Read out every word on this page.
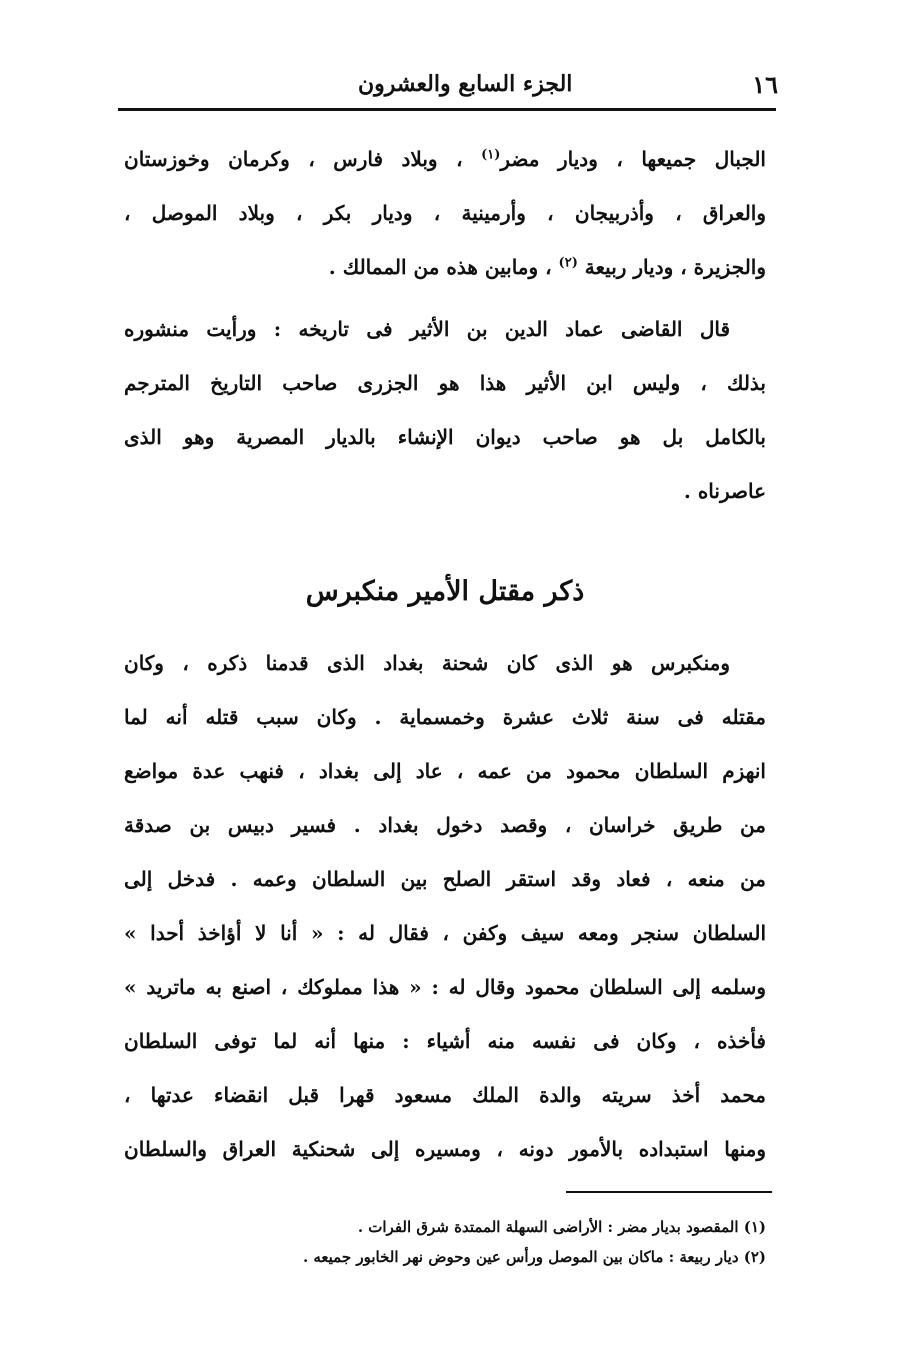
١٦
الجزء السابع والعشرون
الجبال جميعها ، وديار مضر$^{(١)}$ ، وبلاد فارس ، وكرمان وخوزستان
والعراق ، وأذربيجان ، وأرمينية ، وديار بكر ، وبلاد الموصل ،
والجزيرة ، وديار ربيعة $^{(٢)}$ ، ومابين هذه من الممالك .
قال القاضى عماد الدين بن الأثير فى تاريخه : ورأيت منشوره
بذلك ، وليس ابن الأثير هذا هو الجزرى صاحب التاريخ المترجم
بالكامل بل هو صاحب ديوان الإنشاء بالديار المصرية وهو الذى
عاصرناه .
ذكر مقتل الأمير منكبرس
ومنكبرس هو الذى كان شحنة بغداد الذى قدمنا ذكره ، وكان
مقتله فى سنة ثلاث عشرة وخمسماية . وكان سبب قتله أنه لما
انهزم السلطان محمود من عمه ، عاد إلى بغداد ، فنهب عدة مواضع
من طريق خراسان ، وقصد دخول بغداد . فسير دبيس بن صدقة
من منعه ، فعاد وقد استقر الصلح بين السلطان وعمه . فدخل إلى
السلطان سنجر ومعه سيف وكفن ، فقال له : « أنا لا أؤاخذ أحدا »
وسلمه إلى السلطان محمود وقال له : « هذا مملوكك ، اصنع به ماتريد »
فأخذه ، وكان فى نفسه منه أشياء : منها أنه لما توفى السلطان
محمد أخذ سريته والدة الملك مسعود قهرا قبل انقضاء عدتها ،
ومنها استبداده بالأمور دونه ، ومسيره إلى شحنكية العراق والسلطان
(١) المقصود بديار مضر : الأراضى السهلة الممتدة شرق الفرات .
(٢) ديار ربيعة : ماكان بين الموصل ورأس عين وحوض نهر الخابور جميعه .
